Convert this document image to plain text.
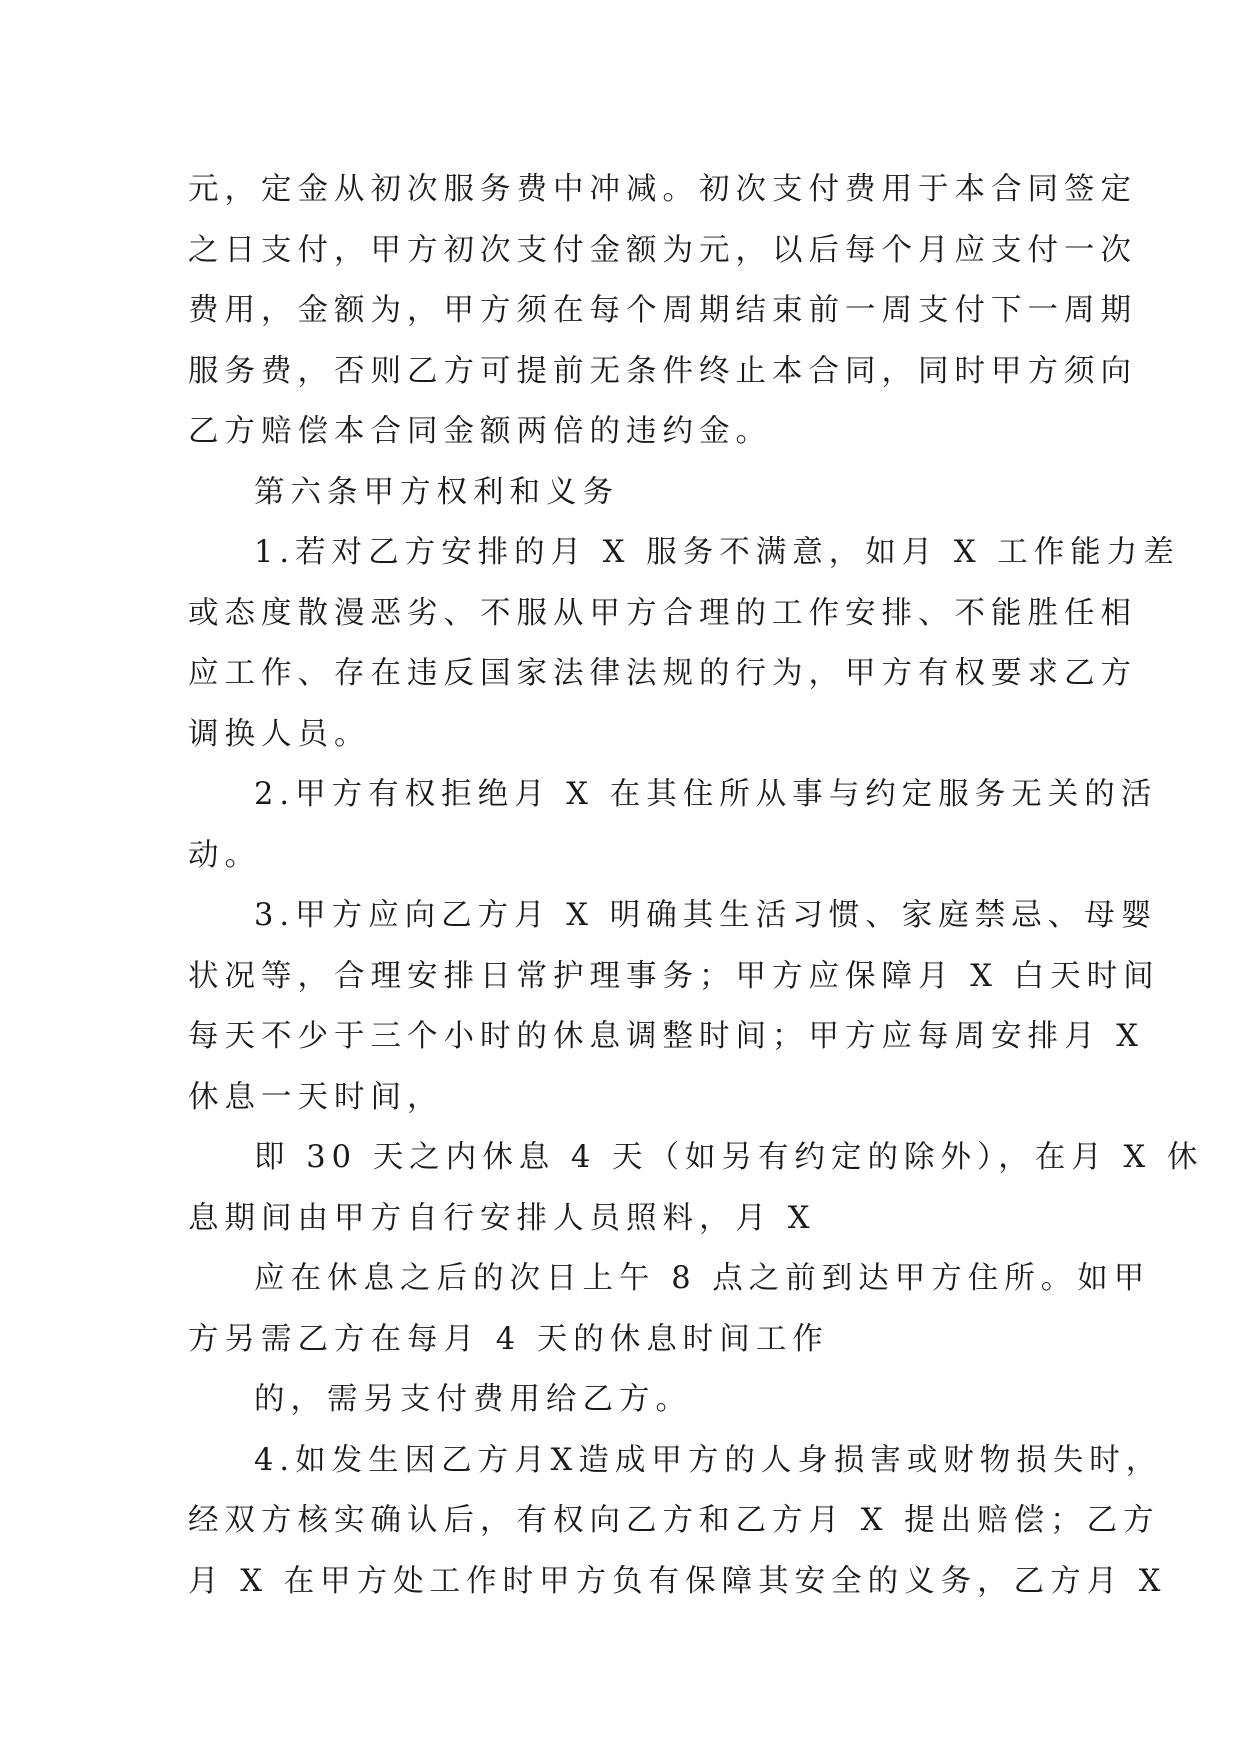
元，定金从初次服务费中冲减。初次支付费用于本合同签定

之日支付，甲方初次支付金额为元，以后每个月应支付一次

费用，金额为，甲方须在每个周期结束前一周支付下一周期

服务费，否则乙方可提前无条件终止本合同，同时甲方须向

乙方赔偿本合同金额两倍的违约金。

第六条甲方权利和义务

1.若对乙方安排的月 X 服务不满意，如月 X 工作能力差

或态度散漫恶劣、不服从甲方合理的工作安排、不能胜任相

应工作、存在违反国家法律法规的行为，甲方有权要求乙方

调换人员。

2.甲方有权拒绝月 X 在其住所从事与约定服务无关的活

动。

3.甲方应向乙方月 X 明确其生活习惯、家庭禁忌、母婴

状况等，合理安排日常护理事务；甲方应保障月 X 白天时间

每天不少于三个小时的休息调整时间；甲方应每周安排月 X

休息一天时间，

即 30 天之内休息 4 天（如另有约定的除外），在月 X 休

息期间由甲方自行安排人员照料，月 X

应在休息之后的次日上午 8 点之前到达甲方住所。如甲

方另需乙方在每月 4 天的休息时间工作

的，需另支付费用给乙方。

4.如发生因乙方月X造成甲方的人身损害或财物损失时，

经双方核实确认后，有权向乙方和乙方月 X 提出赔偿；乙方

月 X 在甲方处工作时甲方负有保障其安全的义务，乙方月 X
